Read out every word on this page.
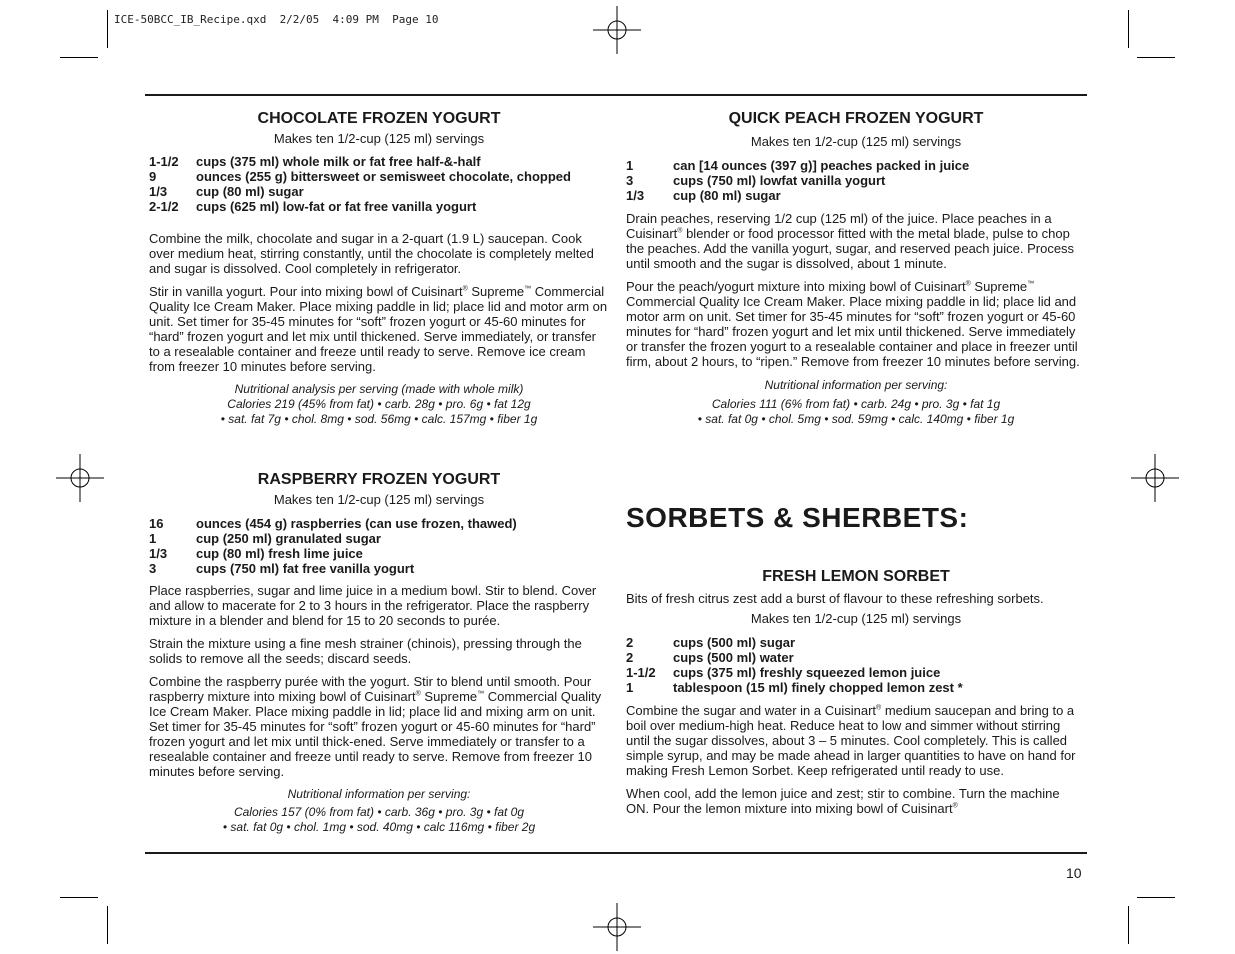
ICE-50BCC_IB_Recipe.qxd  2/2/05  4:09 PM  Page 10
CHOCOLATE FROZEN YOGURT
Makes ten 1/2-cup (125 ml) servings
1-1/2	cups (375 ml) whole milk or fat free half-&-half
9	ounces (255 g) bittersweet or semisweet chocolate, chopped
1/3	cup (80 ml) sugar
2-1/2	cups (625 ml) low-fat or fat free vanilla yogurt

Combine the milk, chocolate and sugar in a 2-quart (1.9 L) saucepan. Cook over medium heat, stirring constantly, until the chocolate is completely melted and sugar is dissolved. Cool completely in refrigerator.

Stir in vanilla yogurt. Pour into mixing bowl of Cuisinart® Supreme™ Commercial Quality Ice Cream Maker. Place mixing paddle in lid; place lid and motor arm on unit. Set timer for 35-45 minutes for “soft” frozen yogurt or 45-60 minutes for “hard” frozen yogurt and let mix until thickened. Serve immediately, or transfer to a resealable container and freeze until ready to serve. Remove ice cream from freezer 10 minutes before serving.

Nutritional analysis per serving (made with whole milk)
Calories 219 (45% from fat) • carb. 28g • pro. 6g • fat 12g
• sat. fat 7g • chol. 8mg • sod. 56mg • calc. 157mg • fiber 1g
RASPBERRY FROZEN YOGURT
Makes ten 1/2-cup (125 ml) servings
16	ounces (454 g) raspberries (can use frozen, thawed)
1	cup (250 ml) granulated sugar
1/3	cup (80 ml) fresh lime juice
3	cups (750 ml) fat free vanilla yogurt

Place raspberries, sugar and lime juice in a medium bowl. Stir to blend. Cover and allow to macerate for 2 to 3 hours in the refrigerator. Place the raspberry mixture in a blender and blend for 15 to 20 seconds to purée.

Strain the mixture using a fine mesh strainer (chinois), pressing through the solids to remove all the seeds; discard seeds.

Combine the raspberry purée with the yogurt. Stir to blend until smooth. Pour raspberry mixture into mixing bowl of Cuisinart® Supreme™ Commercial Quality Ice Cream Maker. Place mixing paddle in lid; place lid and mixing arm on unit. Set timer for 35-45 minutes for “soft” frozen yogurt or 45-60 minutes for “hard” frozen yogurt and let mix until thick-ened. Serve immediately or transfer to a resealable container and freeze until ready to serve. Remove from freezer 10 minutes before serving.

Nutritional information per serving:
Calories 157 (0% from fat) • carb. 36g • pro. 3g • fat 0g
• sat. fat 0g • chol. 1mg • sod. 40mg • calc 116mg • fiber 2g
QUICK PEACH FROZEN YOGURT
Makes ten 1/2-cup (125 ml) servings
1	can [14 ounces (397 g)] peaches packed in juice
3	cups (750 ml) lowfat vanilla yogurt
1/3	cup (80 ml) sugar

Drain peaches, reserving 1/2 cup (125 ml) of the juice. Place peaches in a Cuisinart® blender or food processor fitted with the metal blade, pulse to chop the peaches. Add the vanilla yogurt, sugar, and reserved peach juice. Process until smooth and the sugar is dissolved, about 1 minute.

Pour the peach/yogurt mixture into mixing bowl of Cuisinart® Supreme™ Commercial Quality Ice Cream Maker. Place mixing paddle in lid; place lid and motor arm on unit. Set timer for 35-45 minutes for “soft” frozen yogurt or 45-60 minutes for “hard” frozen yogurt and let mix until thickened. Serve immediately or transfer the frozen yogurt to a resealable container and place in freezer until firm, about 2 hours, to “ripen.” Remove from freezer 10 minutes before serving.

Nutritional information per serving:
Calories 111 (6% from fat) • carb. 24g • pro. 3g • fat 1g
• sat. fat 0g • chol. 5mg • sod. 59mg • calc. 140mg • fiber 1g
SORBETS & SHERBETS:
FRESH LEMON SORBET

Bits of fresh citrus zest add a burst of flavour to these refreshing sorbets.

Makes ten 1/2-cup (125 ml) servings
2	cups (500 ml) sugar
2	cups (500 ml) water
1-1/2	cups (375 ml) freshly squeezed lemon juice
1	tablespoon (15 ml) finely chopped lemon zest *

Combine the sugar and water in a Cuisinart® medium saucepan and bring to a boil over medium-high heat. Reduce heat to low and simmer without stirring until the sugar dissolves, about 3 – 5 minutes. Cool completely. This is called simple syrup, and may be made ahead in larger quantities to have on hand for making Fresh Lemon Sorbet. Keep refrigerated until ready to use.

When cool, add the lemon juice and zest; stir to combine. Turn the machine ON. Pour the lemon mixture into mixing bowl of Cuisinart®

10
